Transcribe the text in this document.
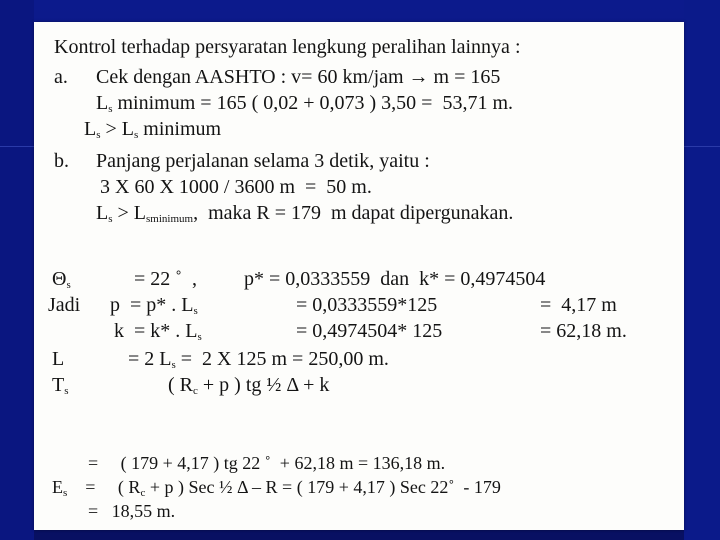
Kontrol terhadap persyaratan lengkung peralihan lainnya :
a. Cek dengan AASHTO : v= 60 km/jam → m = 165
$L_s$ minimum = 165 ( 0,02 + 0,073 ) 3,50 =  53,71 m.
$L_s > L_s$ minimum
b. Panjang perjalanan selama 3 detik, yaitu :
3 X 60 X 1000 / 3600 m  =  50 m.
$L_s > L_{sminimum}$,  maka R = 179  m dapat dipergunakan.
$\Theta_s$	= 22 ˚  , p* = 0,0333559  dan  k* = 0,4974504
Jadi p  = p* . $L_s$	= 0,0333559*125	=  4,17 m
k  = k* . $L_s$	= 0,4974504* 125	= 62,18 m.
L	= 2 $L_s = 2$ X 125 m = 250,00 m.
$T_s$	( $R_c + p$ ) tg ½ Δ + k
=     ( 179 + 4,17 ) tg 22 ˚  + 62,18 m = 136,18 m.
$E_s$ =     ( $R_c + p$ ) Sec ½ Δ – R = ( 179 + 4,17 ) Sec 22˚  - 179
=   18,55 m.
